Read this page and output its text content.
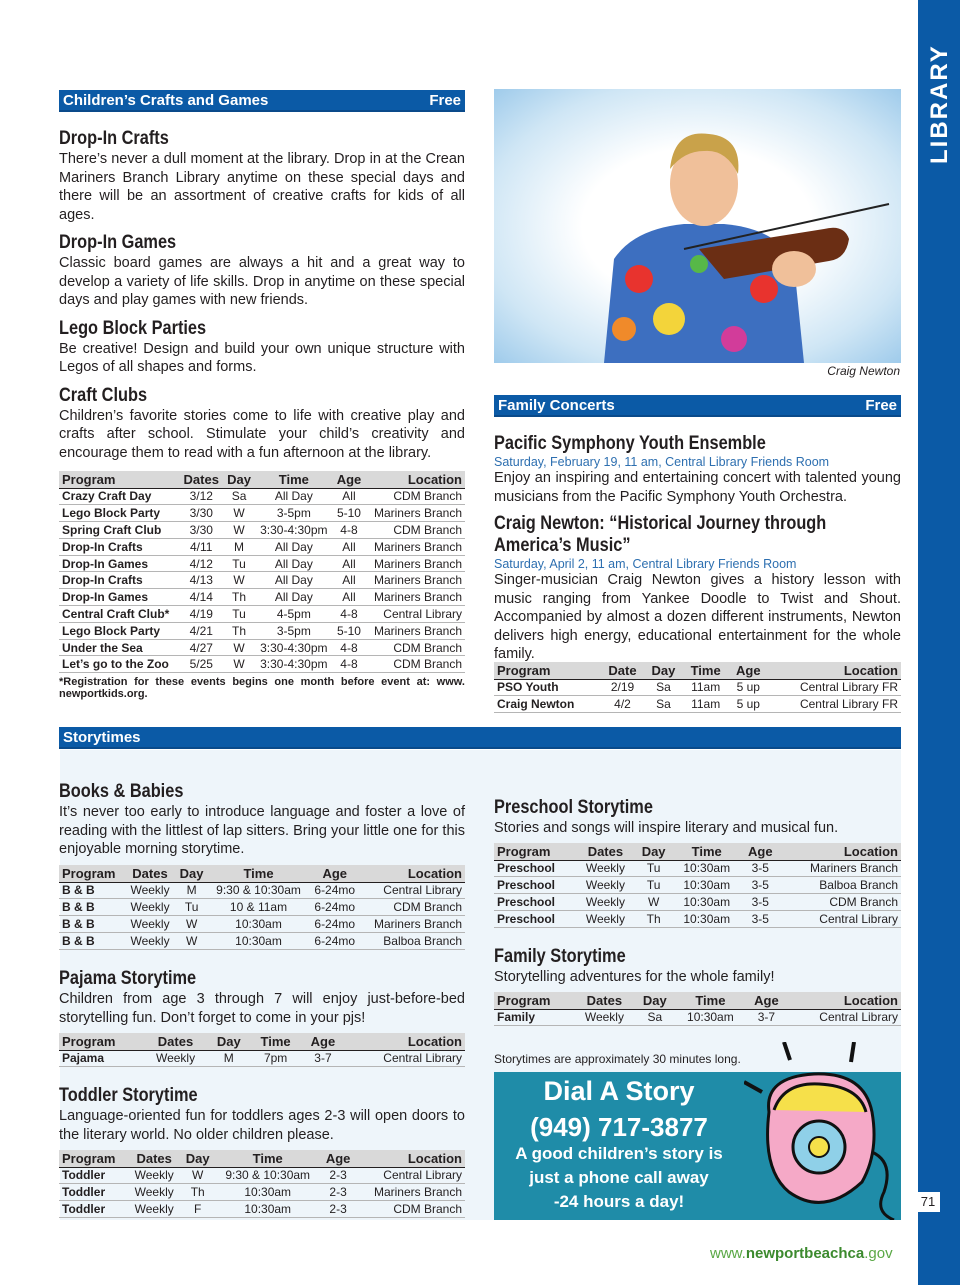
71
Children’s Crafts and Games	Free
Drop-In Crafts
There’s never a dull moment at the library. Drop in at the Crean Mariners Branch Library anytime on these special days and there will be an assortment of creative crafts for kids of all ages.
Drop-In Games
Classic board games are always a hit and a great way to develop a variety of life skills. Drop in anytime on these special days and play games with new friends.
Lego Block Parties
Be creative! Design and build your own unique structure with Legos of all shapes and forms.
Craft Clubs
Children’s favorite stories come to life with creative play and crafts after school. Stimulate your child’s creativity and encourage them to read with a fun afternoon at the library.
Program	Dates	Day	Time	Age	Location
Crazy Craft Day	3/12	Sa	All Day	All	CDM Branch
Lego Block Party	3/30	W	3-5pm	5-10	Mariners Branch
Spring Craft Club	3/30	W	3:30-4:30pm	4-8	CDM Branch
Drop-In Crafts	4/11	M	All Day	All	Mariners Branch
Drop-In Games	4/12	Tu	All Day	All	Mariners Branch
Drop-In Crafts	4/13	W	All Day	All	Mariners Branch
Drop-In Games	4/14	Th	All Day	All	Mariners Branch
Central Craft Club*	4/19	Tu	4-5pm	4-8	Central Library
Lego Block Party	4/21	Th	3-5pm	5-10	Mariners Branch
Under the Sea	4/27	W	3:30-4:30pm	4-8	CDM Branch
Let’s go to the Zoo	5/25	W	3:30-4:30pm	4-8	CDM Branch
*Registration for these events begins one month before event at: www. newportkids.org.
Craig Newton
Family Concerts	Free
Pacific Symphony Youth Ensemble
Saturday, February 19, 11 am, Central Library Friends Room
Enjoy an inspiring and entertaining concert with talented young musicians from the Pacific Symphony Youth Orchestra.
Craig Newton: “Historical Journey through
America’s Music”
Saturday, April 2, 11 am, Central Library Friends Room
Singer-musician Craig Newton gives a history lesson with music ranging from Yankee Doodle to Twist and Shout. Accompanied by almost a dozen different instruments, Newton delivers high energy, educational entertainment for the whole family.
Program	Date	Day	Time	Age	Location
PSO Youth	2/19	Sa	11am	5 up	Central Library FR
Craig Newton	4/2	Sa	11am	5 up	Central Library FR
Storytimes
Books & Babies
It’s never too early to introduce language and foster a love of reading with the littlest of lap sitters. Bring your little one for this enjoyable morning storytime.
Program	Dates	Day	Time	Age	Location
B & B	Weekly	M	9:30 & 10:30am	6-24mo	Central Library
B & B	Weekly	Tu	10 & 11am	6-24mo	CDM Branch
B & B	Weekly	W	10:30am	6-24mo	Mariners Branch
B & B	Weekly	W	10:30am	6-24mo	Balboa Branch
Pajama Storytime
Children from age 3 through 7 will enjoy just-before-bed storytelling fun. Don’t forget to come in your pjs!
Program	Dates	Day	Time	Age	Location
Pajama	Weekly	M	7pm	3-7	Central Library
Toddler Storytime
Language-oriented fun for toddlers ages 2-3 will open doors to the literary world. No older children please.
Program	Dates	Day	Time	Age	Location
Toddler	Weekly	W	9:30 & 10:30am	2-3	Central Library
Toddler	Weekly	Th	10:30am	2-3	Mariners Branch
Toddler	Weekly	F	10:30am	2-3	CDM Branch
Preschool Storytime
Stories and songs will inspire literary and musical fun.
Program	Dates	Day	Time	Age	Location
Preschool	Weekly	Tu	10:30am	3-5	Mariners Branch
Preschool	Weekly	Tu	10:30am	3-5	Balboa Branch
Preschool	Weekly	W	10:30am	3-5	CDM Branch
Preschool	Weekly	Th	10:30am	3-5	Central Library
Family Storytime
Storytelling adventures for the whole family!
Program	Dates	Day	Time	Age	Location
Family	Weekly	Sa	10:30am	3-7	Central Library
Storytimes are approximately 30 minutes long.
Dial A Story
(949) 717-3877
A good children’s story is
just a phone call away
-24 hours a day!
www.newportbeachca.gov
